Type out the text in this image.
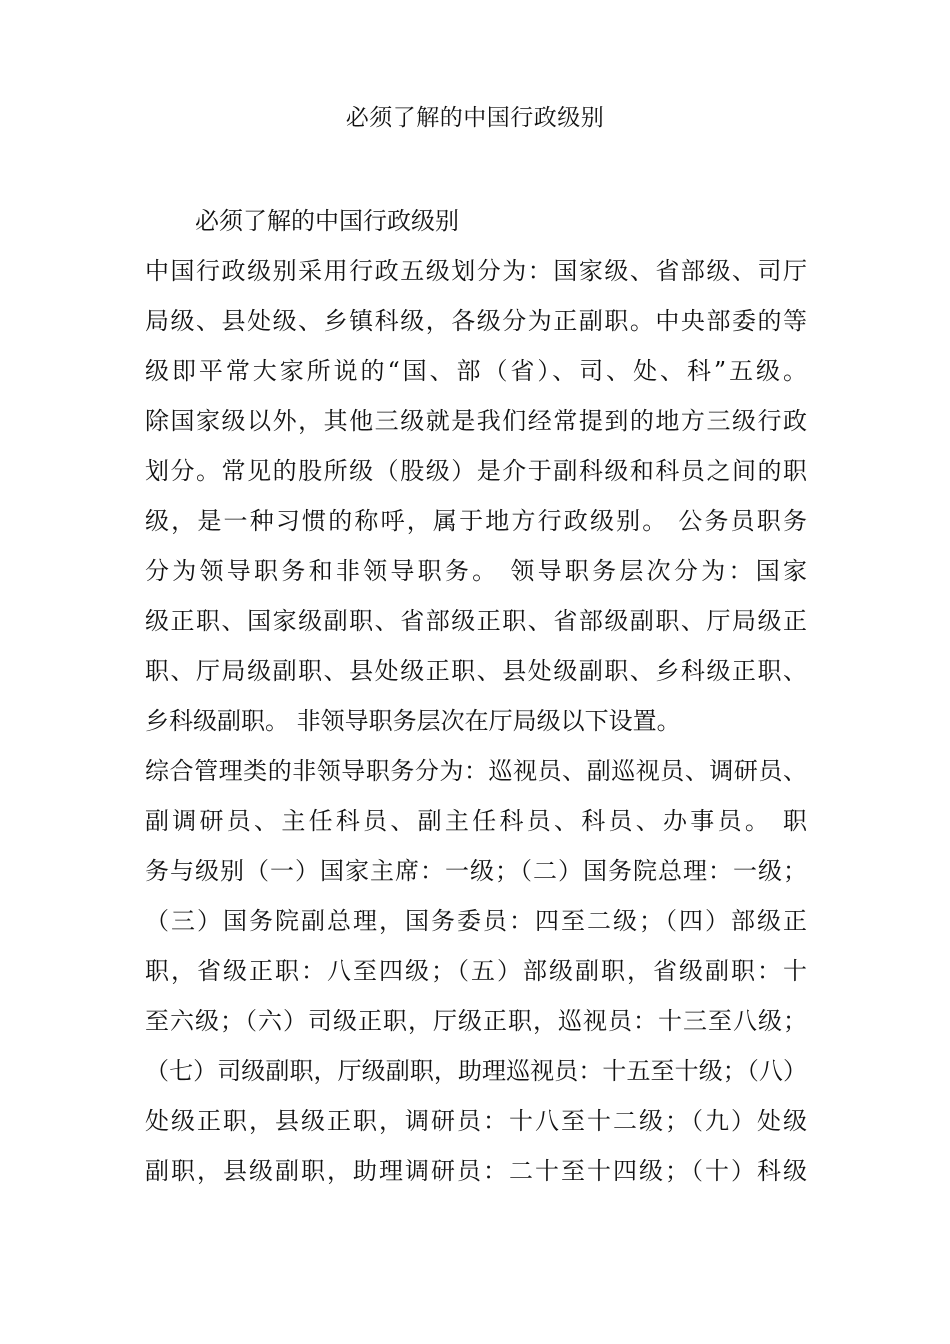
必须了解的中国行政级别
必须了解的中国行政级别
中国行政级别采用行政五级划分为：国家级、省部级、司厅
局级、县处级、乡镇科级，各级分为正副职。中央部委的等
级即平常大家所说的“国、部（省）、司、处、科”五级。
除国家级以外，其他三级就是我们经常提到的地方三级行政
划分。常见的股所级（股级）是介于副科级和科员之间的职
级，是一种习惯的称呼，属于地方行政级别。 公务员职务
分为领导职务和非领导职务。 领导职务层次分为：国家
级正职、国家级副职、省部级正职、省部级副职、厅局级正
职、厅局级副职、县处级正职、县处级副职、乡科级正职、
乡科级副职。 非领导职务层次在厅局级以下设置。
综合管理类的非领导职务分为：巡视员、副巡视员、调研员、
副调研员、主任科员、副主任科员、科员、办事员。 职
务与级别（一）国家主席：一级；（二）国务院总理：一级；
（三）国务院副总理，国务委员：四至二级；（四）部级正
职，省级正职：八至四级；（五）部级副职，省级副职：十
至六级；（六）司级正职，厅级正职，巡视员：十三至八级；
（七）司级副职，厅级副职，助理巡视员：十五至十级；（八）
处级正职，县级正职，调研员：十八至十二级；（九）处级
副职，县级副职，助理调研员：二十至十四级；（十）科级
